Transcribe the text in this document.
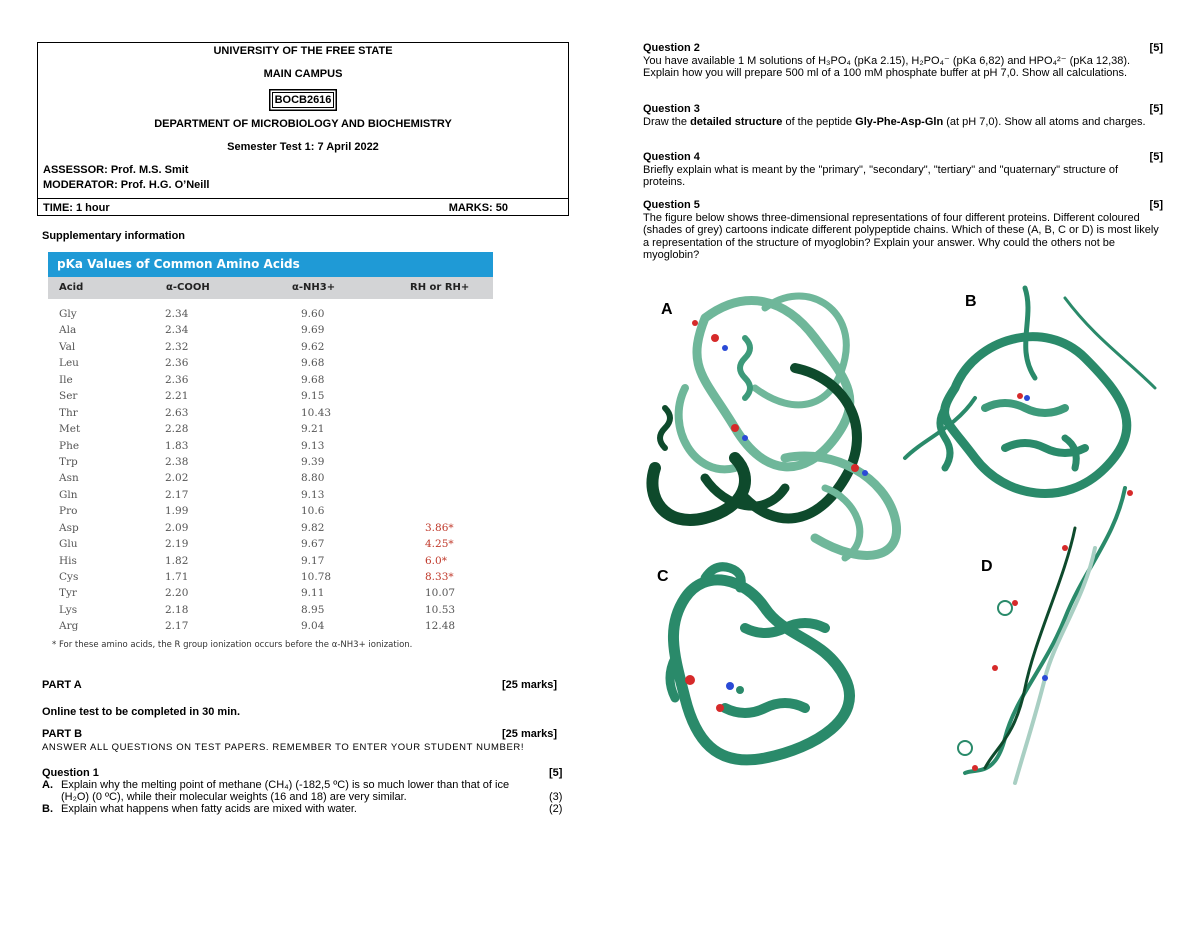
UNIVERSITY OF THE FREE STATE
MAIN CAMPUS
BOCB2616
DEPARTMENT OF MICROBIOLOGY AND BIOCHEMISTRY
Semester Test 1: 7 April 2022
ASSESSOR: Prof. M.S. Smit
MODERATOR: Prof. H.G. O’Neill
TIME: 1 hour	MARKS: 50
Supplementary information
pKa Values of Common Amino Acids
Acid	α-COOH	α-NH3+	RH or RH+
Gly	2.34	9.60
Ala	2.34	9.69
Val	2.32	9.62
Leu	2.36	9.68
Ile	2.36	9.68
Ser	2.21	9.15
Thr	2.63	10.43
Met	2.28	9.21
Phe	1.83	9.13
Trp	2.38	9.39
Asn	2.02	8.80
Gln	2.17	9.13
Pro	1.99	10.6
Asp	2.09	9.82	3.86*
Glu	2.19	9.67	4.25*
His	1.82	9.17	6.0*
Cys	1.71	10.78	8.33*
Tyr	2.20	9.11	10.07
Lys	2.18	8.95	10.53
Arg	2.17	9.04	12.48
* For these amino acids, the R group ionization occurs before the α-NH3+ ionization.
PART A	[25 marks]
Online test to be completed in 30 min.
PART B	[25 marks]
ANSWER ALL QUESTIONS ON TEST PAPERS. REMEMBER TO ENTER YOUR STUDENT NUMBER!
Question 1	[5]
A. Explain why the melting point of methane (CH₄) (-182,5 ºC) is so much lower than that of ice
(H₂O) (0 ºC), while their molecular weights (16 and 18) are very similar.	(3)
B. Explain what happens when fatty acids are mixed with water.	(2)
Question 2	[5]
You have available 1 M solutions of H₃PO₄ (pKa 2.15), H₂PO₄⁻ (pKa 6,82) and HPO₄²⁻ (pKa 12,38). Explain how you will prepare 500 ml of a 100 mM phosphate buffer at pH 7,0. Show all calculations.
Question 3	[5]
Draw the detailed structure of the peptide Gly-Phe-Asp-Gln (at pH 7,0). Show all atoms and charges.
Question 4	[5]
Briefly explain what is meant by the "primary", "secondary", "tertiary" and "quaternary" structure of proteins.
Question 5	[5]
The figure below shows three-dimensional representations of four different proteins. Different coloured (shades of grey) cartoons indicate different polypeptide chains. Which of these (A, B, C or D) is most likely a representation of the structure of myoglobin? Explain your answer. Why could the others not be myoglobin?
A	B
C
D
